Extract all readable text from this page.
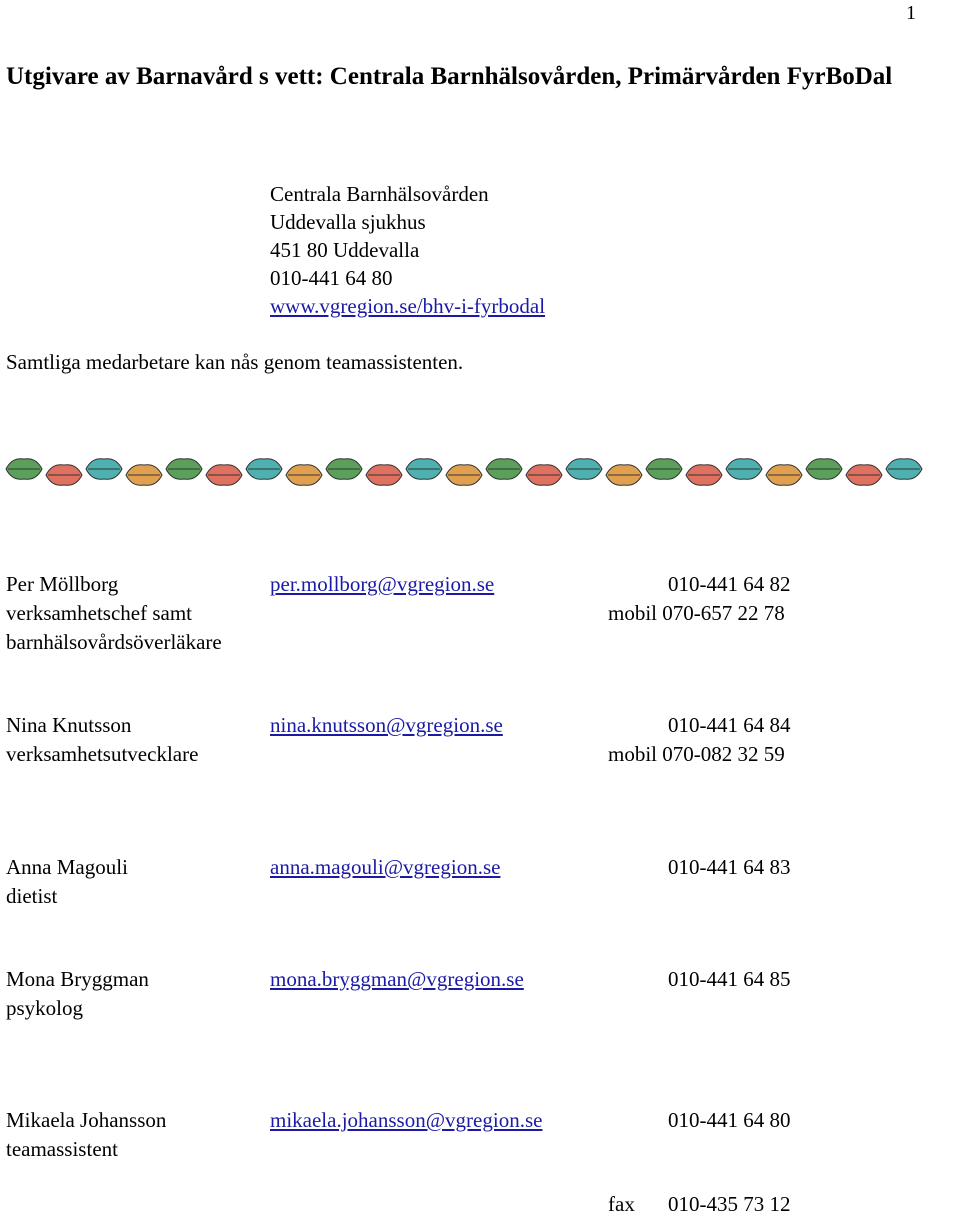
1
Utgivare av Barnavård s vett: Centrala Barnhälsovården, Primärvården FyrBoDal
Centrala Barnhälsovården
Uddevalla sjukhus
451 80 Uddevalla
010-441 64 80
www.vgregion.se/bhv-i-fyrbodal
Samtliga medarbetare kan nås genom teamassistenten.
Per Möllborg	per.mollborg@vgregion.se	010-441 64 82
verksamhetschef samt	mobil 070-657 22 78
barnhälsovårdsöverläkare
Nina Knutsson	nina.knutsson@vgregion.se	010-441 64 84
verksamhetsutvecklare	mobil 070-082 32 59
Anna Magouli	anna.magouli@vgregion.se	010-441 64 83
dietist
Mona Bryggman	mona.bryggman@vgregion.se	010-441 64 85
psykolog
Mikaela Johansson	mikaela.johansson@vgregion.se	010-441 64 80
teamassistent
fax 010-435 73 12
